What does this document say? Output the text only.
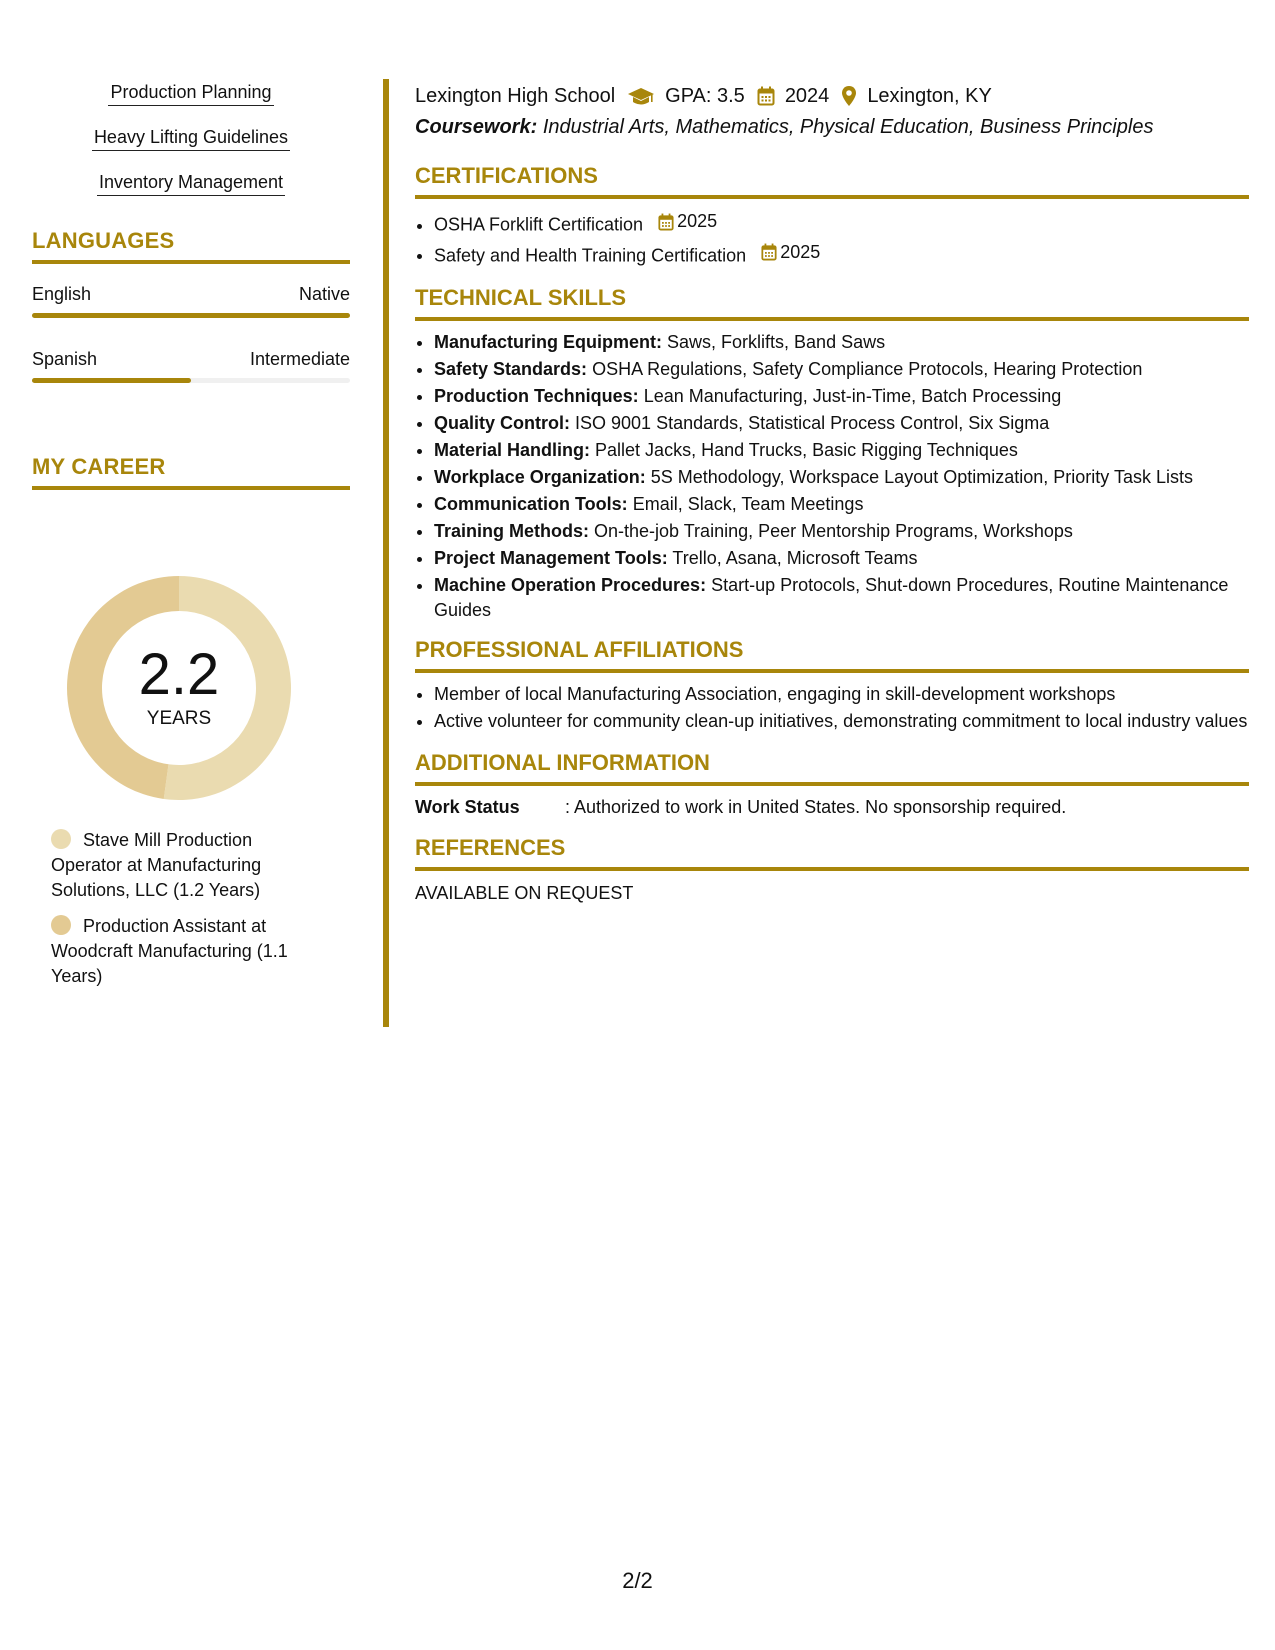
Production Planning
Heavy Lifting Guidelines
Inventory Management
LANGUAGES
English	Native
Spanish	Intermediate
MY CAREER
2.2
YEARS
Stave Mill Production Operator at Manufacturing Solutions, LLC (1.2 Years)
Production Assistant at Woodcraft Manufacturing (1.1 Years)
Lexington High School	GPA: 3.5 2024 Lexington, KY
Coursework: Industrial Arts, Mathematics, Physical Education, Business Principles
CERTIFICATIONS
• OSHA Forklift Certification 2025
• Safety and Health Training Certification 2025
TECHNICAL SKILLS
• Manufacturing Equipment: Saws, Forklifts, Band Saws
• Safety Standards: OSHA Regulations, Safety Compliance Protocols, Hearing Protection
• Production Techniques: Lean Manufacturing, Just-in-Time, Batch Processing
• Quality Control: ISO 9001 Standards, Statistical Process Control, Six Sigma
• Material Handling: Pallet Jacks, Hand Trucks, Basic Rigging Techniques
• Workplace Organization: 5S Methodology, Workspace Layout Optimization, Priority Task Lists
• Communication Tools: Email, Slack, Team Meetings
• Training Methods: On-the-job Training, Peer Mentorship Programs, Workshops
• Project Management Tools: Trello, Asana, Microsoft Teams
• Machine Operation Procedures: Start-up Protocols, Shut-down Procedures, Routine Maintenance Guides
PROFESSIONAL AFFILIATIONS
• Member of local Manufacturing Association, engaging in skill-development workshops
• Active volunteer for community clean-up initiatives, demonstrating commitment to local industry values
ADDITIONAL INFORMATION
Work Status	: Authorized to work in United States. No sponsorship required.
REFERENCES
AVAILABLE ON REQUEST
2/2
